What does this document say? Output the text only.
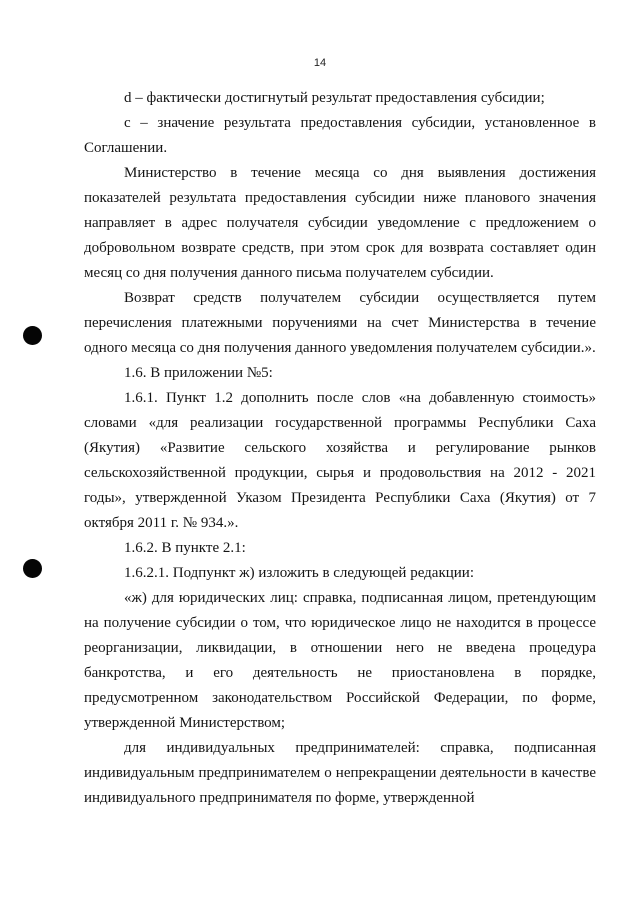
14

d – фактически достигнутый результат предоставления субсидии;

с – значение результата предоставления субсидии, установленное в Соглашении.

Министерство в течение месяца со дня выявления достижения показателей результата предоставления субсидии ниже планового значения направляет в адрес получателя субсидии уведомление с предложением о добровольном возврате средств, при этом срок для возврата составляет один месяц со дня получения данного письма получателем субсидии.

Возврат средств получателем субсидии осуществляется путем перечисления платежными поручениями на счет Министерства в течение одного месяца со дня получения данного уведомления получателем субсидии.».

1.6. В приложении №5:

1.6.1. Пункт 1.2 дополнить после слов «на добавленную стоимость» словами «для реализации государственной программы Республики Саха (Якутия) «Развитие сельского хозяйства и регулирование рынков сельскохозяйственной продукции, сырья и продовольствия на 2012 - 2021 годы», утвержденной Указом Президента Республики Саха (Якутия) от 7 октября 2011 г. № 934.».

1.6.2. В пункте 2.1:

1.6.2.1. Подпункт ж) изложить в следующей редакции:

«ж) для юридических лиц: справка, подписанная лицом, претендующим на получение субсидии о том, что юридическое лицо не находится в процессе реорганизации, ликвидации, в отношении него не введена процедура банкротства, и его деятельность не приостановлена в порядке, предусмотренном законодательством Российской Федерации, по форме, утвержденной Министерством;

для индивидуальных предпринимателей: справка, подписанная индивидуальным предпринимателем о непрекращении деятельности в качестве индивидуального предпринимателя по форме, утвержденной
